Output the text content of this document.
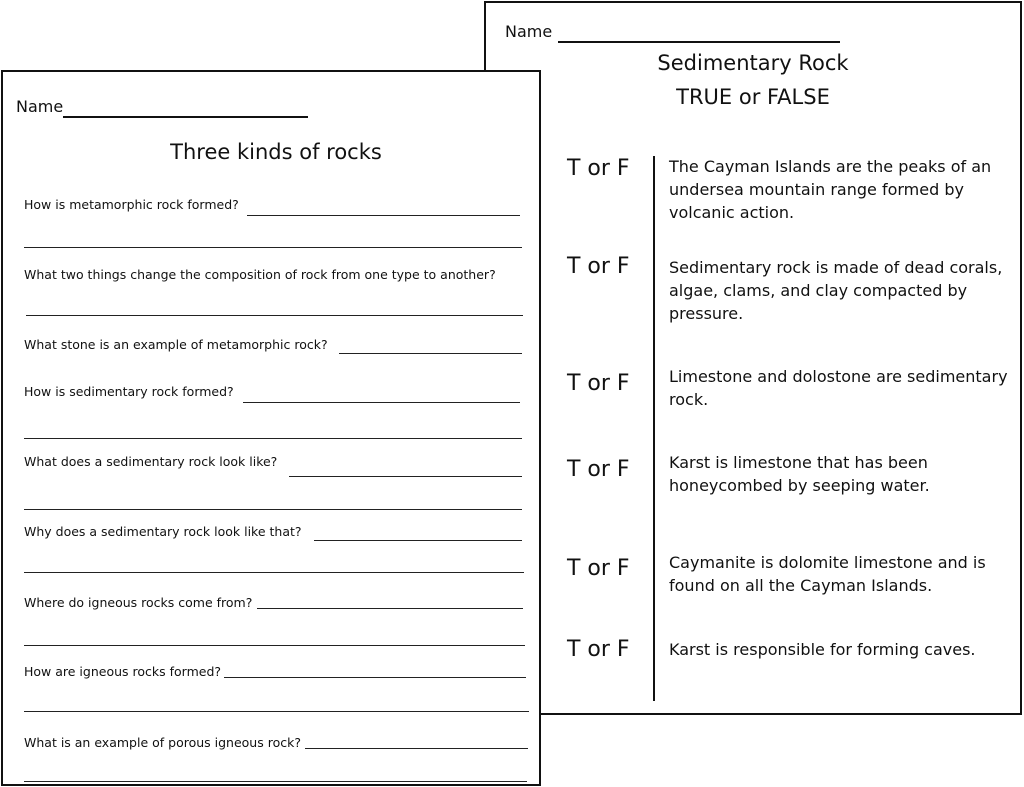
Name
Sedimentary Rock
TRUE or FALSE
T or F The Cayman Islands are the peaks of an undersea mountain range formed by volcanic action.
T or F Sedimentary rock is made of dead corals, algae, clams, and clay compacted by pressure.
T or F Limestone and dolostone are sedimentary rock.
T or F Karst is limestone that has been honeycombed by seeping water.
T or F Caymanite is dolomite limestone and is found on all the Cayman Islands.
T or F Karst is responsible for forming caves.
Name
Three kinds of rocks
How is metamorphic rock formed?
What two things change the composition of rock from one type to another?
What stone is an example of metamorphic rock?
How is sedimentary rock formed?
What does a sedimentary rock look like?
Why does a sedimentary rock look like that?
Where do igneous rocks come from?
How are igneous rocks formed?
What is an example of porous igneous rock?
